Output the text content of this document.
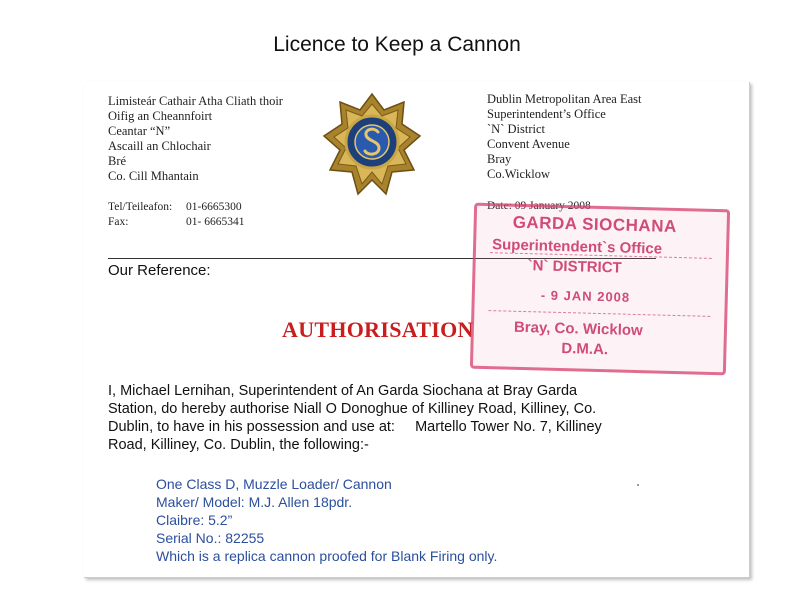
Licence to Keep a Cannon
Limisteár Cathair Atha Cliath thoir
Oifig an Cheannfoirt
Ceantar “N”
Ascaill an Chlochair
Bré
Co. Cill Mhantain
Dublin Metropolitan Area East
Superintendent’s Office
`N` District
Convent Avenue
Bray
Co.Wicklow
Tel/Teileafon:	01-6665300
Fax:	01- 6665341
Date: 09 January 2008
Our Reference:
AUTHORISATION
GARDA SIOCHANA
Superintendent`s Office
`N` DISTRICT
- 9 JAN 2008
Bray, Co. Wicklow
D.M.A.

I, Michael Lernihan, Superintendent of An Garda Siochana at Bray Garda

Station, do hereby authorise Niall O Donoghue of Killiney Road, Killiney, Co.

Dublin, to have in his possession and use at:     Martello Tower No. 7, Killiney

Road, Killiney, Co. Dublin, the following:-

One Class D, Muzzle Loader/ Cannon
Maker/ Model: M.J. Allen 18pdr.
Claibre: 5.2”
Serial No.: 82255
Which is a replica cannon proofed for Blank Firing only.
